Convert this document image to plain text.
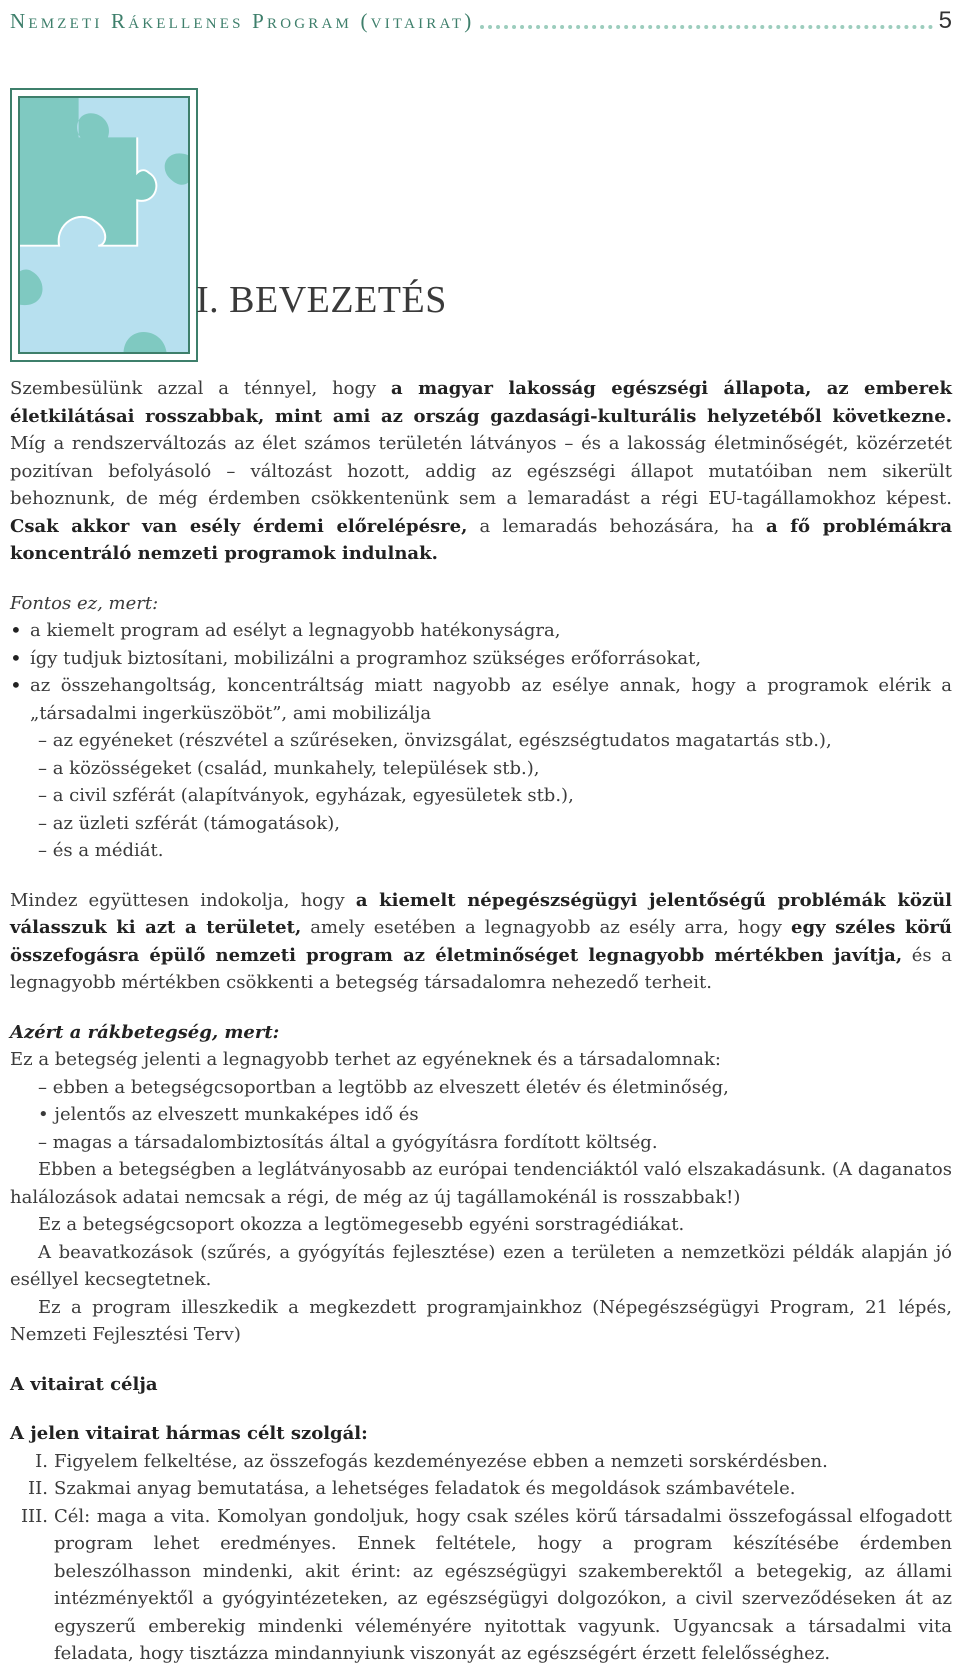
Nemzeti Rákellenes Program (vitairat)	5
I. BEVEZETÉS

Szembesülünk azzal a ténnyel, hogy a magyar lakosság egészségi állapota, az emberek életkilátásai rosszabbak, mint ami az ország gazdasági-kulturális helyzetéből következne. Míg a rendszerváltozás az élet számos területén látványos – és a lakosság életminőségét, közérzetét pozitívan befolyásoló – változást hozott, addig az egészségi állapot mutatóiban nem sikerült behoznunk, de még érdemben csökkentenünk sem a lemaradást a régi EU-tagállamokhoz képest. Csak akkor van esély érdemi előrelépésre, a lemaradás behozására, ha a fő problémákra koncentráló nemzeti programok indulnak.

Fontos ez, mert:

• a kiemelt program ad esélyt a legnagyobb hatékonyságra,

• így tudjuk biztosítani, mobilizálni a programhoz szükséges erőforrásokat,

• az összehangoltság, koncentráltság miatt nagyobb az esélye annak, hogy a programok elérik a „társadalmi ingerküszöböt”, ami mobilizálja

– az egyéneket (részvétel a szűréseken, önvizsgálat, egészségtudatos magatartás stb.),

– a közösségeket (család, munkahely, települések stb.),

– a civil szférát (alapítványok, egyházak, egyesületek stb.),

– az üzleti szférát (támogatások),

– és a médiát.

Mindez együttesen indokolja, hogy a kiemelt népegészségügyi jelentőségű problémák közül válasszuk ki azt a területet, amely esetében a legnagyobb az esély arra, hogy egy széles körű összefogásra épülő nemzeti program az életminőséget legnagyobb mértékben javítja, és a legnagyobb mértékben csökkenti a betegség társadalomra nehezedő terheit.

Azért a rákbetegség, mert:

Ez a betegség jelenti a legnagyobb terhet az egyéneknek és a társadalomnak:

– ebben a betegségcsoportban a legtöbb az elveszett életév és életminőség,

• jelentős az elveszett munkaképes idő és

– magas a társadalombiztosítás által a gyógyításra fordított költség.

Ebben a betegségben a leglátványosabb az európai tendenciáktól való elszakadásunk. (A daganatos halálozások adatai nemcsak a régi, de még az új tagállamokénál is rosszabbak!)

Ez a betegségcsoport okozza a legtömegesebb egyéni sorstragédiákat.

A beavatkozások (szűrés, a gyógyítás fejlesztése) ezen a területen a nemzetközi példák alapján jó eséllyel kecsegtetnek.

Ez a program illeszkedik a megkezdett programjainkhoz (Népegészségügyi Program, 21 lépés, Nemzeti Fejlesztési Terv)

A vitairat célja

A jelen vitairat hármas célt szolgál:

I. Figyelem felkeltése, az összefogás kezdeményezése ebben a nemzeti sorskérdésben.
II. Szakmai anyag bemutatása, a lehetséges feladatok és megoldások számbavétele.
III. Cél: maga a vita. Komolyan gondoljuk, hogy csak széles körű társadalmi összefogással elfogadott program lehet eredményes. Ennek feltétele, hogy a program készítésébe érdemben beleszólhasson mindenki, akit érint: az egészségügyi szakemberektől a betegekig, az állami intézményektől a gyógyintézeteken, az egészségügyi dolgozókon, a civil szerveződéseken át az egyszerű emberekig mindenki véleményére nyitottak vagyunk. Ugyancsak a társadalmi vita feladata, hogy tisztázza mindannyiunk viszonyát az egészségért érzett felelősséghez.
